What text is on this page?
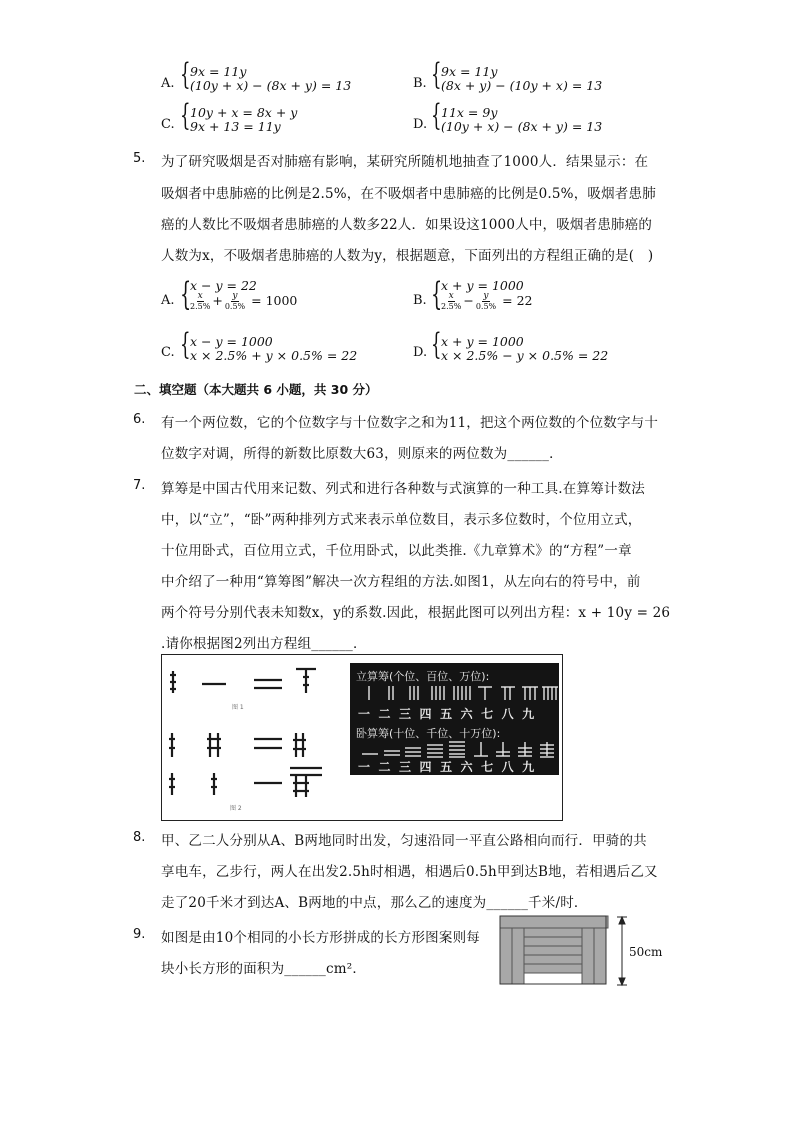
A. { 9x = 11y
(10y + x) − (8x + y) = 13	B. { 9x = 11y
(8x + y) − (10y + x) = 13
C. { 10y + x = 8x + y
9x + 13 = 11y	D. { 11x = 9y
(10y + x) − (8x + y) = 13
5. 为了研究吸烟是否对肺癌有影响，某研究所随机地抽查了1000人．结果显示：在
吸烟者中患肺癌的比例是2.5%，在不吸烟者中患肺癌的比例是0.5%，吸烟者患肺
癌的人数比不吸烟者患肺癌的人数多22人．如果设这1000人中，吸烟者患肺癌的
人数为x，不吸烟者患肺癌的人数为y，根据题意，下面列出的方程组正确的是(　)
A. {
x − y = 22
$\frac{x}{2.5\%} + \frac{y}{0.5\%} = 1000$	B. {
x + y = 1000
$\frac{x}{2.5\%} - \frac{y}{0.5\%} = 22$
C. { x − y = 1000
x × 2.5% + y × 0.5% = 22	D. { x + y = 1000
x × 2.5% − y × 0.5% = 22
二、填空题（本大题共 6 小题，共 30 分）
6. 有一个两位数，它的个位数字与十位数字之和为11，把这个两位数的个位数字与十
位数字对调，所得的新数比原数大63，则原来的两位数为______．
7. 算筹是中国古代用来记数、列式和进行各种数与式演算的一种工具.在算筹计数法
中，以“立”，“卧”两种排列方式来表示单位数目，表示多位数时，个位用立式，
十位用卧式，百位用立式，千位用卧式，以此类推.《九章算术》的“方程”一章
中介绍了一种用“算筹图”解决一次方程组的方法.如图1，从左向右的符号中，前
两个符号分别代表未知数x，y的系数.因此，根据此图可以列出方程：x + 10y = 26
.请你根据图2列出方程组______．
图 1
图 2
立算筹(个位、百位、万位):
一二三四五六七八九
卧算筹(十位、千位、十万位):
一二三四五六七八九
8. 甲、乙二人分别从A、B两地同时出发，匀速沿同一平直公路相向而行．甲骑的共
享电车，乙步行，两人在出发2.5h时相遇，相遇后0.5h甲到达B地，若相遇后乙又
走了20千米才到达A、B两地的中点，那么乙的速度为______千米/时．
9. 如图是由10个相同的小长方形拼成的长方形图案则每
块小长方形的面积为______cm²．
50cm
